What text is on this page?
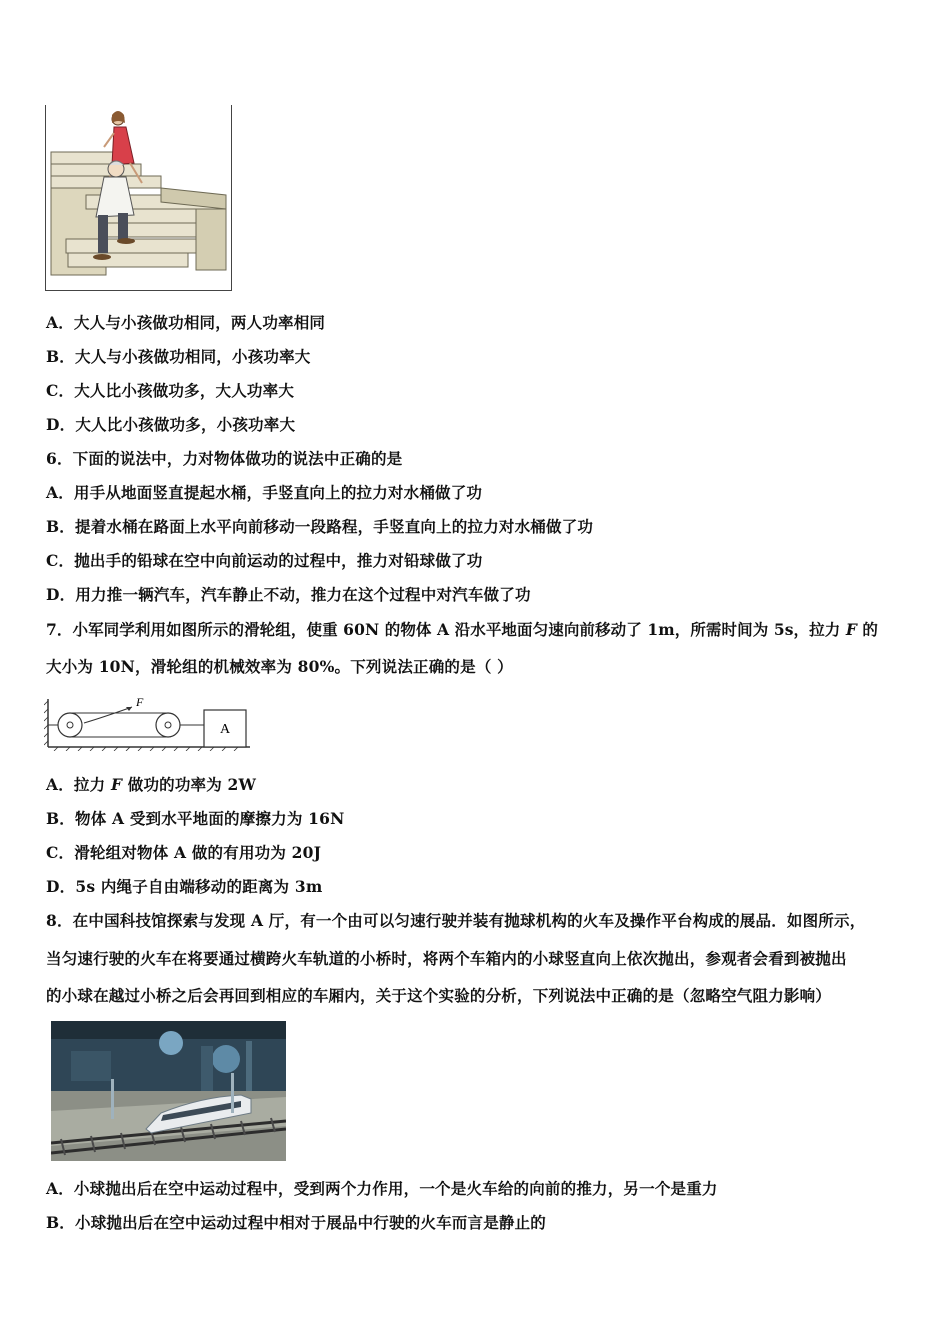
A．大人与小孩做功相同，两人功率相同
B．大人与小孩做功相同，小孩功率大
C．大人比小孩做功多，大人功率大
D．大人比小孩做功多，小孩功率大
6．下面的说法中，力对物体做功的说法中正确的是
A．用手从地面竖直提起水桶，手竖直向上的拉力对水桶做了功
B．提着水桶在路面上水平向前移动一段路程，手竖直向上的拉力对水桶做了功
C．抛出手的铅球在空中向前运动的过程中，推力对铅球做了功
D．用力推一辆汽车，汽车静止不动，推力在这个过程中对汽车做了功
7．小军同学利用如图所示的滑轮组，使重 60N 的物体 A 沿水平地面匀速向前移动了 1m，所需时间为 5s，拉力 F 的
大小为 10N，滑轮组的机械效率为 80%。下列说法正确的是（ ）
F
A
A．拉力 F 做功的功率为 2W
B．物体 A 受到水平地面的摩擦力为 16N
C．滑轮组对物体 A 做的有用功为 20J
D．5s 内绳子自由端移动的距离为 3m
8．在中国科技馆探索与发现 A 厅，有一个由可以匀速行驶并装有抛球机构的火车及操作平台构成的展品．如图所示，
当匀速行驶的火车在将要通过横跨火车轨道的小桥时，将两个车箱内的小球竖直向上依次抛出，参观者会看到被抛出
的小球在越过小桥之后会再回到相应的车厢内，关于这个实验的分析，下列说法中正确的是（忽略空气阻力影响）
A．小球抛出后在空中运动过程中，受到两个力作用，一个是火车给的向前的推力，另一个是重力
B．小球抛出后在空中运动过程中相对于展品中行驶的火车而言是静止的
